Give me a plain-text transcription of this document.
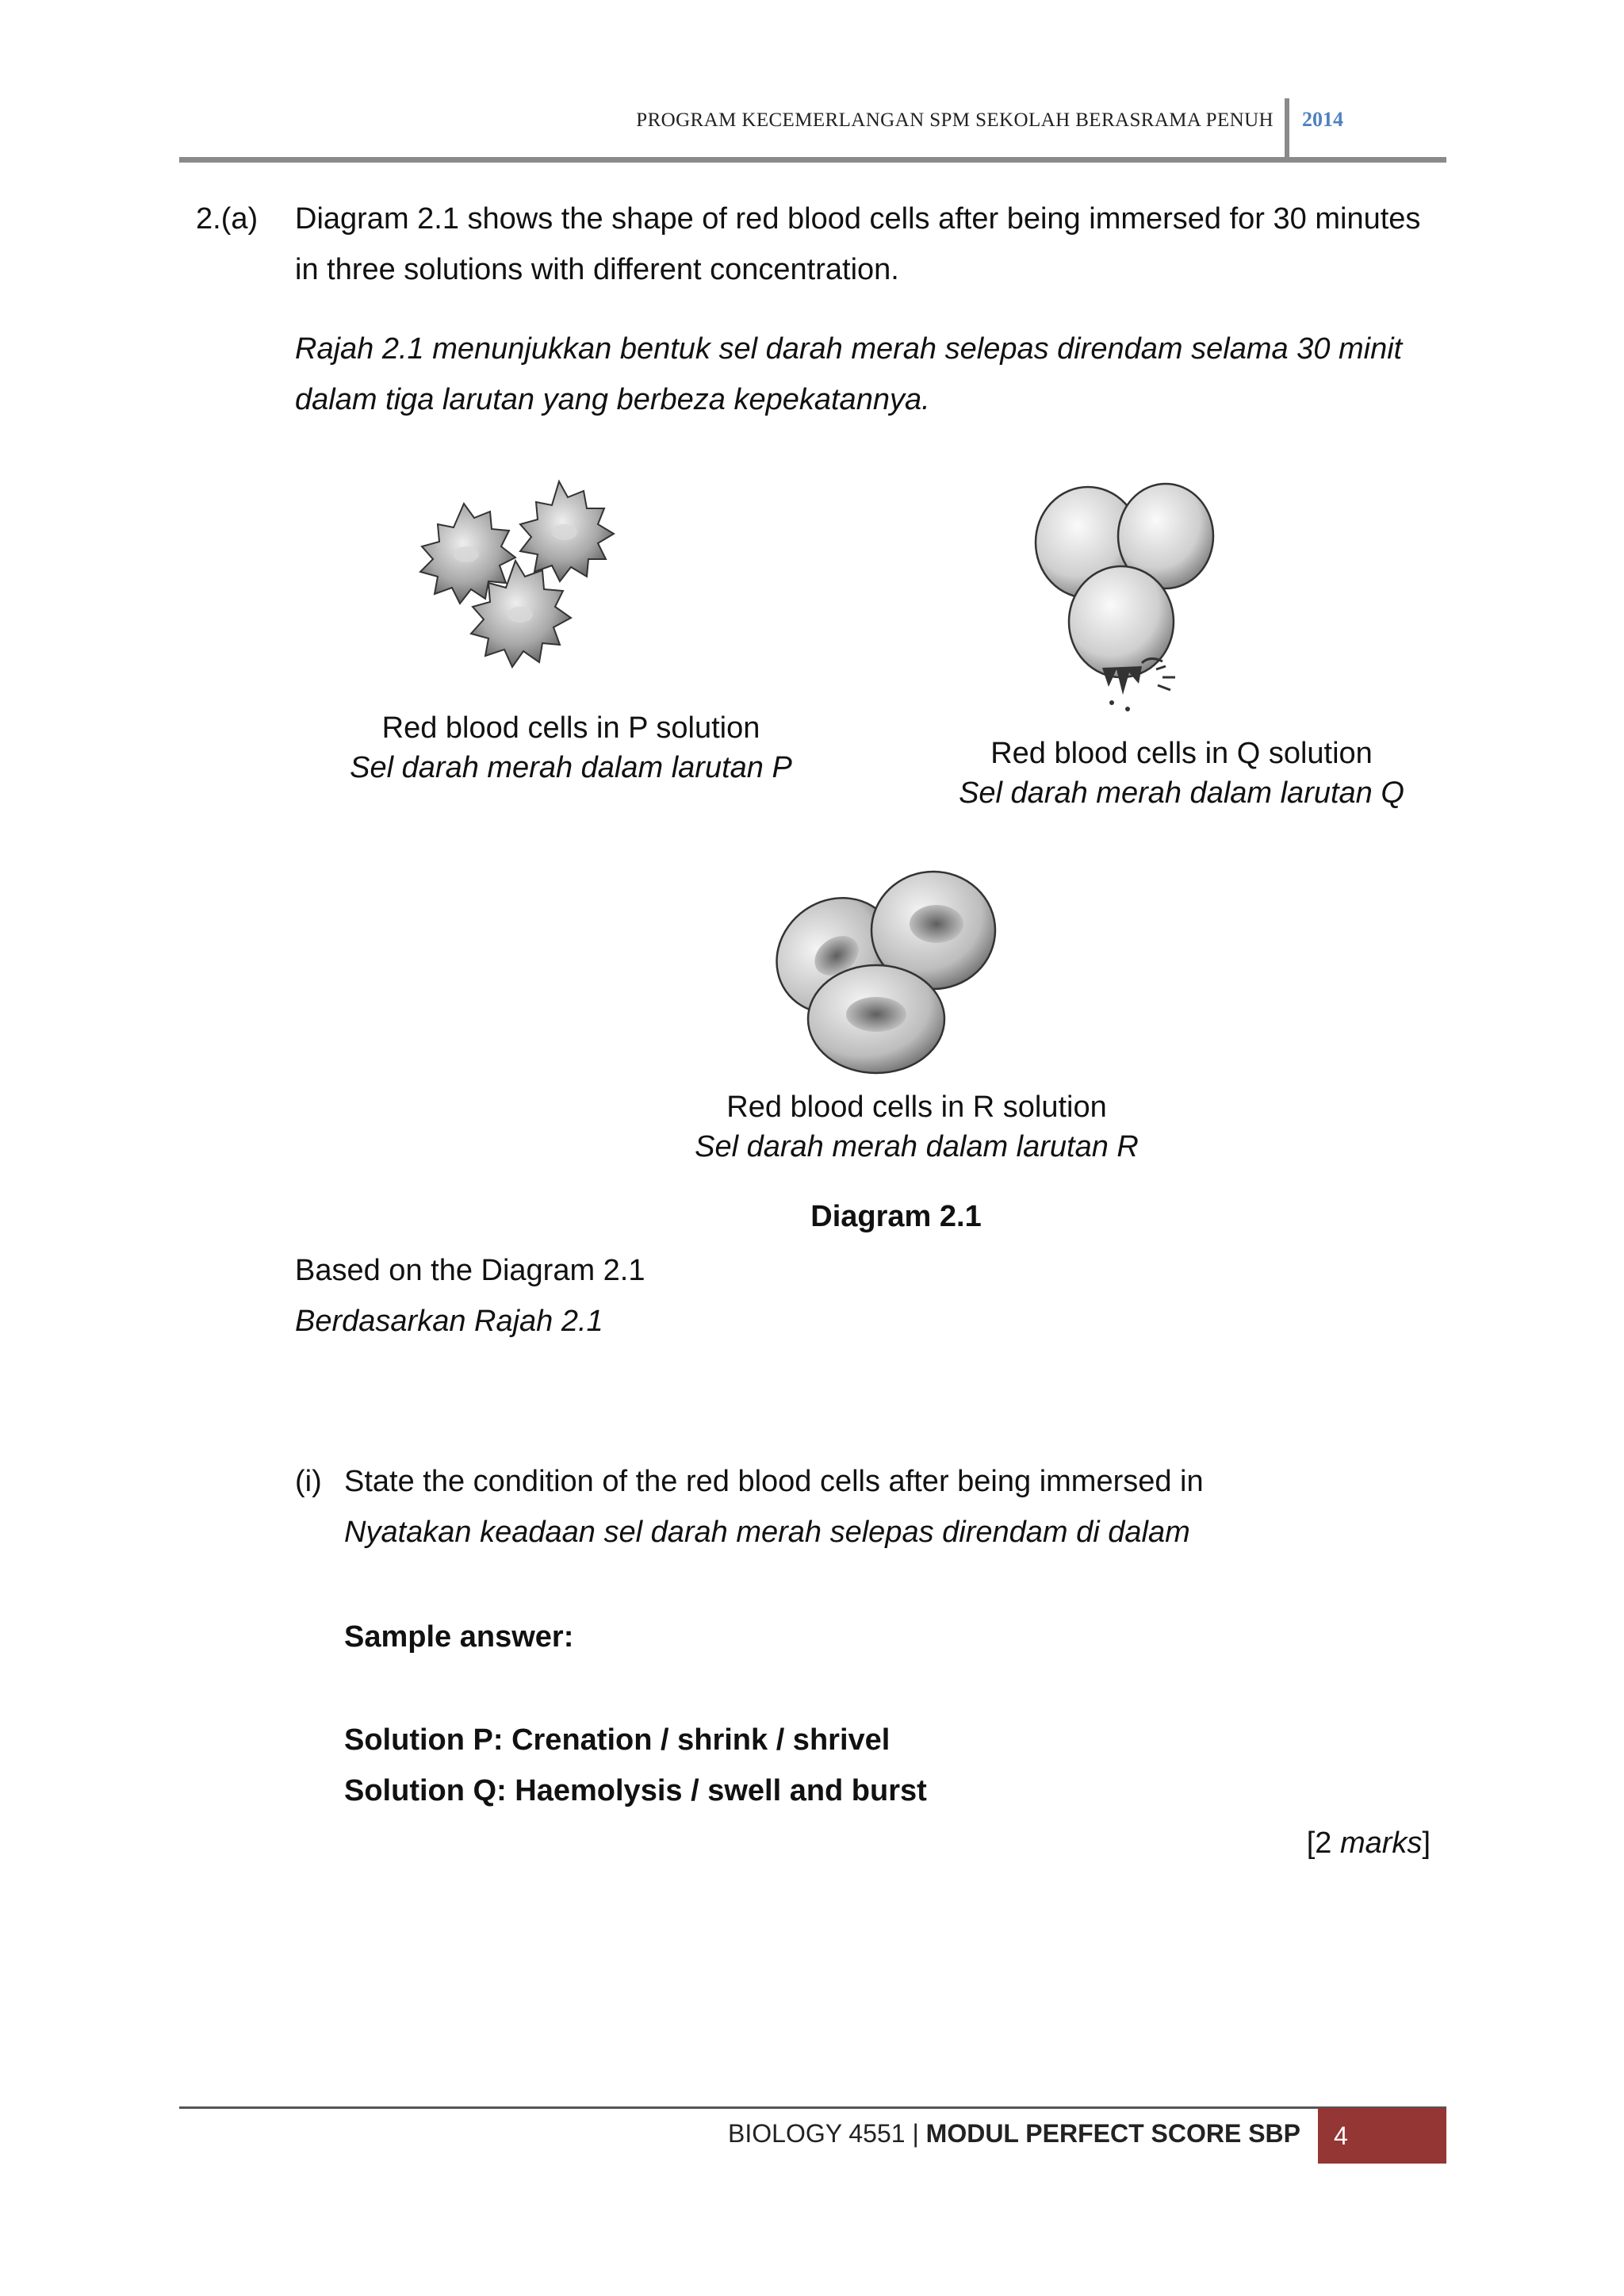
PROGRAM KECEMERLANGAN SPM SEKOLAH BERASRAMA PENUH 2014
2.(a) Diagram 2.1 shows the shape of red blood cells after being immersed for 30 minutes
in three solutions with different concentration.
Rajah 2.1 menunjukkan bentuk sel darah merah selepas direndam selama 30 minit
dalam tiga larutan yang berbeza kepekatannya.
Red blood cells in P solution
Sel darah merah dalam larutan P	Red blood cells in Q solution
Sel darah merah dalam larutan Q
Red blood cells in R solution
Sel darah merah dalam larutan R
Diagram 2.1
Based on the Diagram 2.1
Berdasarkan Rajah 2.1
(i) State the condition of the red blood cells after being immersed in
Nyatakan keadaan sel darah merah selepas direndam di dalam
Sample answer:
Solution P: Crenation / shrink / shrivel
Solution Q: Haemolysis / swell and burst
[2 marks]
BIOLOGY 4551 | MODUL PERFECT SCORE SBP	4
